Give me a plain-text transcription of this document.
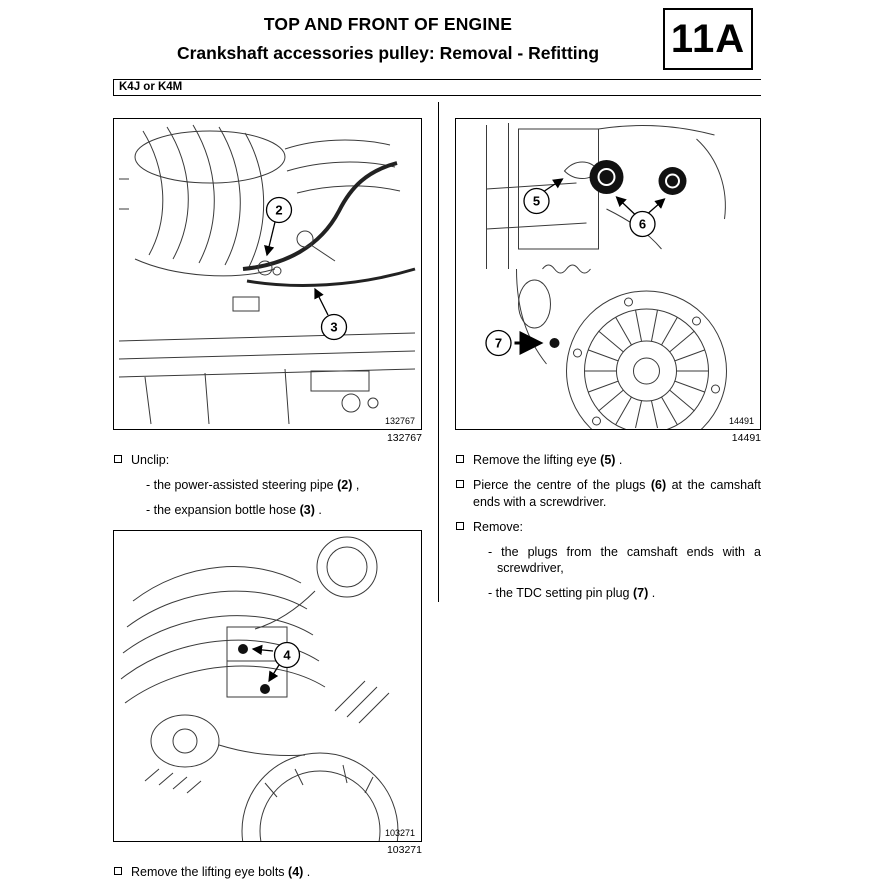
TOP AND FRONT OF ENGINE
Crankshaft accessories pulley: Removal - Refitting	11A
K4J or K4M
2
3
132767
132767
Unclip:
- the power-assisted steering pipe (2) ,
- the expansion bottle hose (3) .
4
103271
103271
Remove the lifting eye bolts (4) .
5
6
7
14491
14491
Remove the lifting eye (5) .
Pierce the centre of the plugs (6) at the camshaft ends with a screwdriver.
Remove:
- the plugs from the camshaft ends with a screwdriver,
- the TDC setting pin plug (7) .
